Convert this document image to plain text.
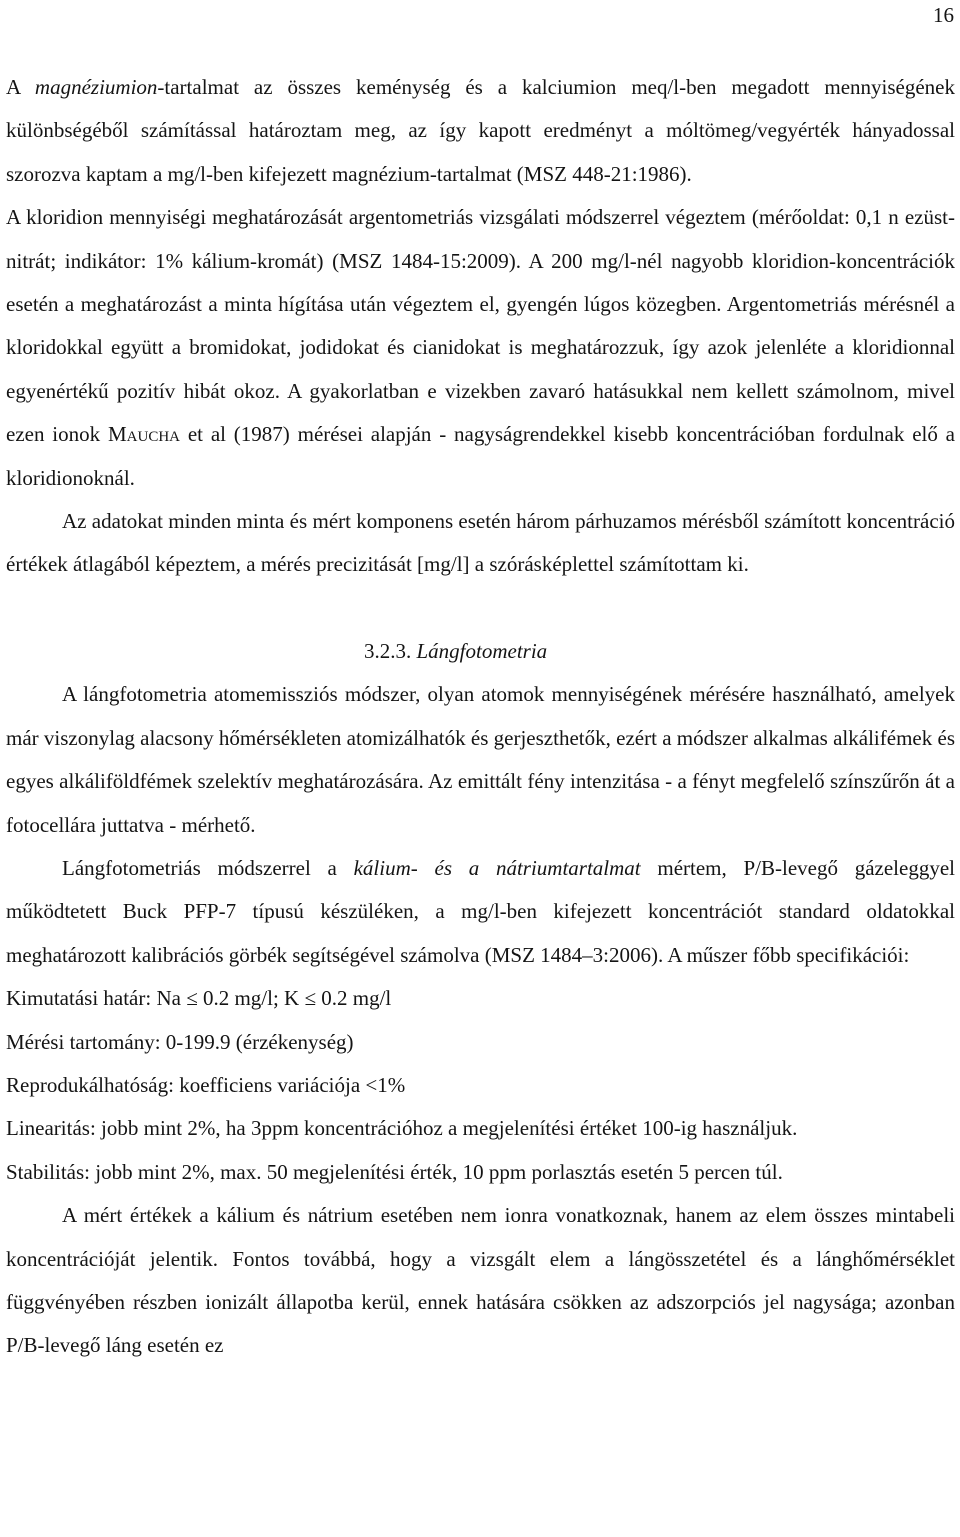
16

A magnéziumion-tartalmat az összes keménység és a kalciumion meq/l-ben megadott mennyiségének különbségéből számítással határoztam meg, az így kapott eredményt a móltömeg/vegyérték hányadossal szorozva kaptam a mg/l-ben kifejezett magnézium-tartalmat (MSZ 448-21:1986).

A kloridion mennyiségi meghatározását argentometriás vizsgálati módszerrel végeztem (mérőoldat: 0,1 n ezüst-nitrát; indikátor: 1% kálium-kromát) (MSZ 1484-15:2009). A 200 mg/l-nél nagyobb kloridion-koncentrációk esetén a meghatározást a minta hígítása után végeztem el, gyengén lúgos közegben. Argentometriás mérésnél a kloridokkal együtt a bromidokat, jodidokat és cianidokat is meghatározzuk, így azok jelenléte a kloridionnal egyenértékű pozitív hibát okoz. A gyakorlatban e vizekben zavaró hatásukkal nem kellett számolnom, mivel ezen ionok Maucha et al (1987) mérései alapján - nagyságrendekkel kisebb koncentrációban fordulnak elő a kloridionoknál.

Az adatokat minden minta és mért komponens esetén három párhuzamos mérésből számított koncentráció értékek átlagából képeztem, a mérés precizitását [mg/l] a szórásképlettel számítottam ki.

3.2.3. Lángfotometria

A lángfotometria atomemissziós módszer, olyan atomok mennyiségének mérésére használható, amelyek már viszonylag alacsony hőmérsékleten atomizálhatók és gerjeszthetők, ezért a módszer alkalmas alkálifémek és egyes alkáliföldfémek szelektív meghatározására. Az emittált fény intenzitása - a fényt megfelelő színszűrőn át a fotocellára juttatva - mérhető.

Lángfotometriás módszerrel a kálium- és a nátriumtartalmat mértem, P/B-levegő gázeleggyel működtetett Buck PFP-7 típusú készüléken, a mg/l-ben kifejezett koncentrációt standard oldatokkal meghatározott kalibrációs görbék segítségével számolva (MSZ 1484–3:2006). A műszer főbb specifikációi:

Kimutatási határ: Na ≤ 0.2 mg/l; K ≤ 0.2 mg/l

Mérési tartomány: 0-199.9 (érzékenység)

Reprodukálhatóság: koefficiens variációja <1%

Linearitás: jobb mint 2%, ha 3ppm koncentrációhoz a megjelenítési értéket 100-ig használjuk.

Stabilitás: jobb mint 2%, max. 50 megjelenítési érték, 10 ppm porlasztás esetén 5 percen túl.

A mért értékek a kálium és nátrium esetében nem ionra vonatkoznak, hanem az elem összes mintabeli koncentrációját jelentik. Fontos továbbá, hogy a vizsgált elem a lángösszetétel és a lánghőmérséklet függvényében részben ionizált állapotba kerül, ennek hatására csökken az adszorpciós jel nagysága; azonban P/B-levegő láng esetén ez
